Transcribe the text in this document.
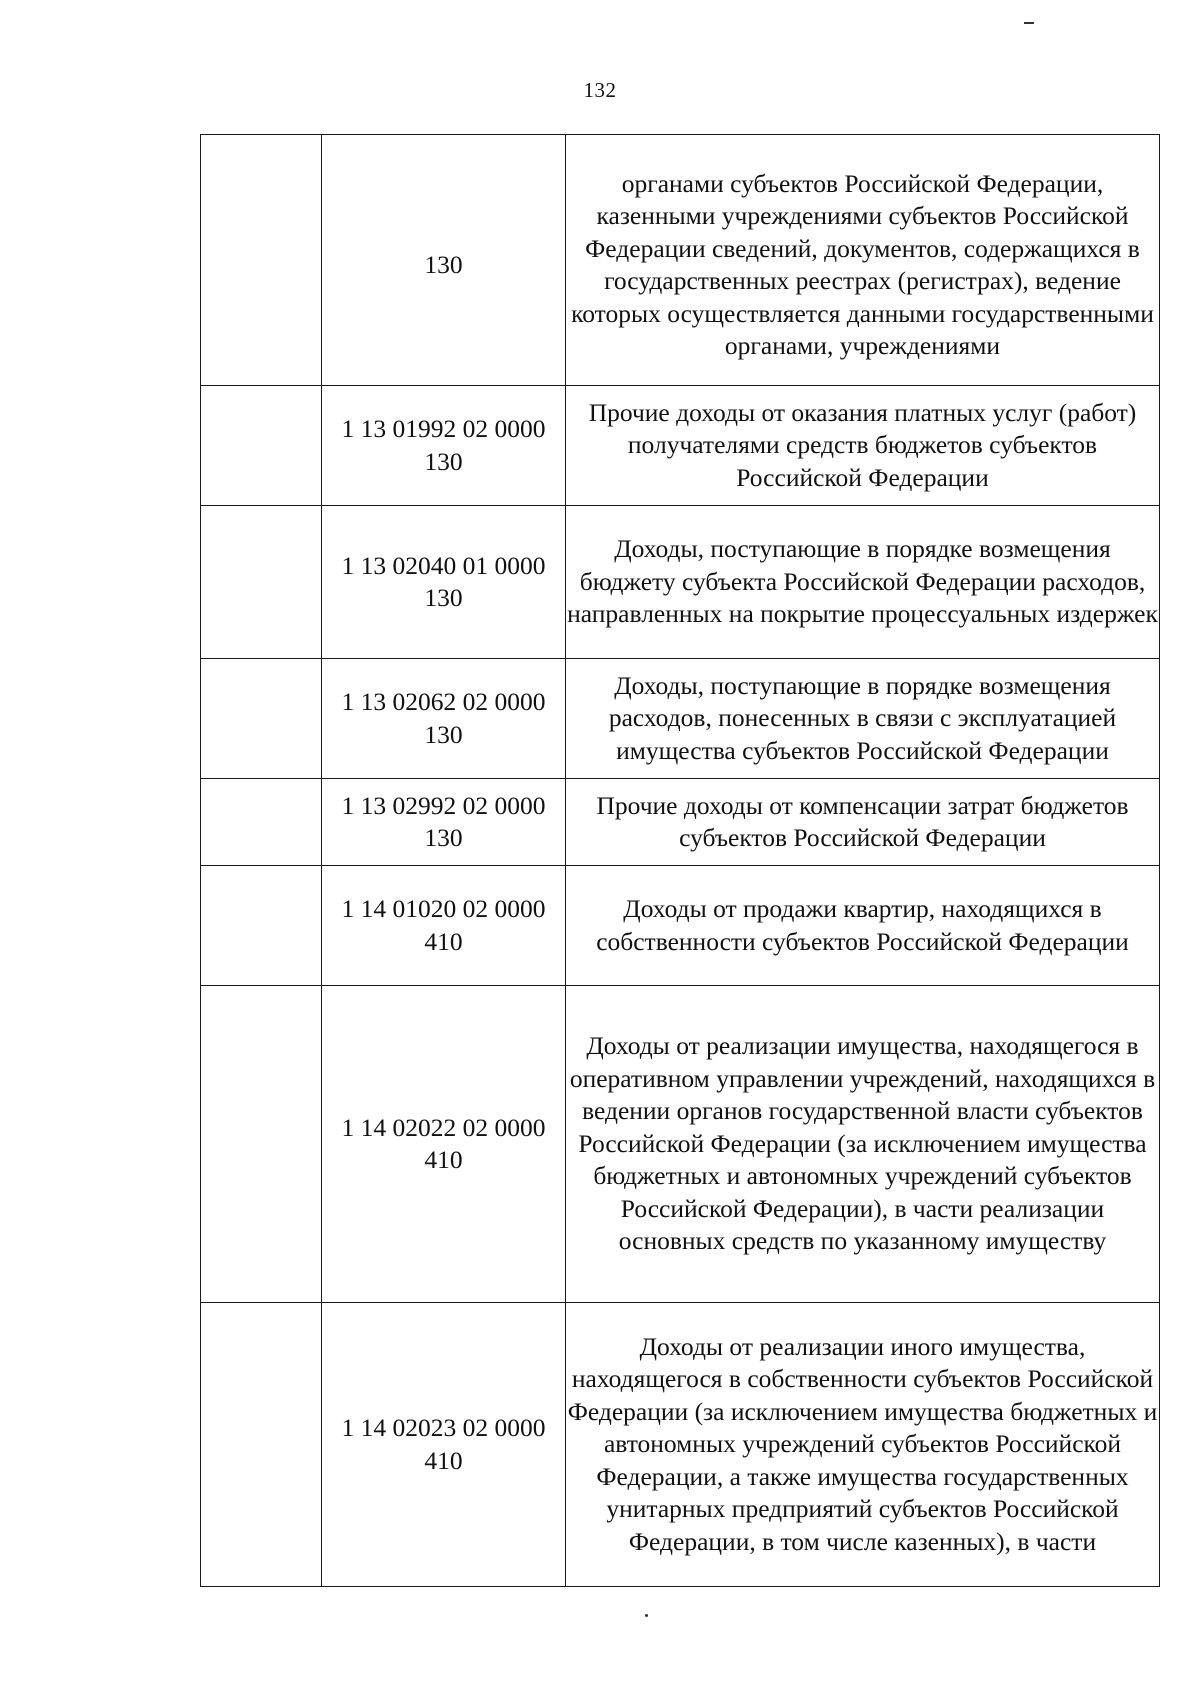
132

	130	органами субъектов Российской Федерации, казенными учреждениями субъектов Российской Федерации сведений, документов, содержащихся в государственных реестрах (регистрах), ведение которых осуществляется данными государственными органами, учреждениями

	1 13 01992 02 0000 130	Прочие доходы от оказания платных услуг (работ) получателями средств бюджетов субъектов Российской Федерации

	1 13 02040 01 0000 130	Доходы, поступающие в порядке возмещения бюджету субъекта Российской Федерации расходов, направленных на покрытие процессуальных издержек

	1 13 02062 02 0000 130	Доходы, поступающие в порядке возмещения расходов, понесенных в связи с эксплуатацией имущества субъектов Российской Федерации

	1 13 02992 02 0000 130	Прочие доходы от компенсации затрат бюджетов субъектов Российской Федерации

	1 14 01020 02 0000 410	Доходы от продажи квартир, находящихся в собственности субъектов Российской Федерации

	1 14 02022 02 0000 410	Доходы от реализации имущества, находящегося в оперативном управлении учреждений, находящихся в ведении органов государственной власти субъектов Российской Федерации (за исключением имущества бюджетных и автономных учреждений субъектов Российской Федерации), в части реализации основных средств по указанному имуществу

	1 14 02023 02 0000 410	Доходы от реализации иного имущества, находящегося в собственности субъектов Российской Федерации (за исключением имущества бюджетных и автономных учреждений субъектов Российской Федерации, а также имущества государственных унитарных предприятий субъектов Российской Федерации, в том числе казенных), в части
